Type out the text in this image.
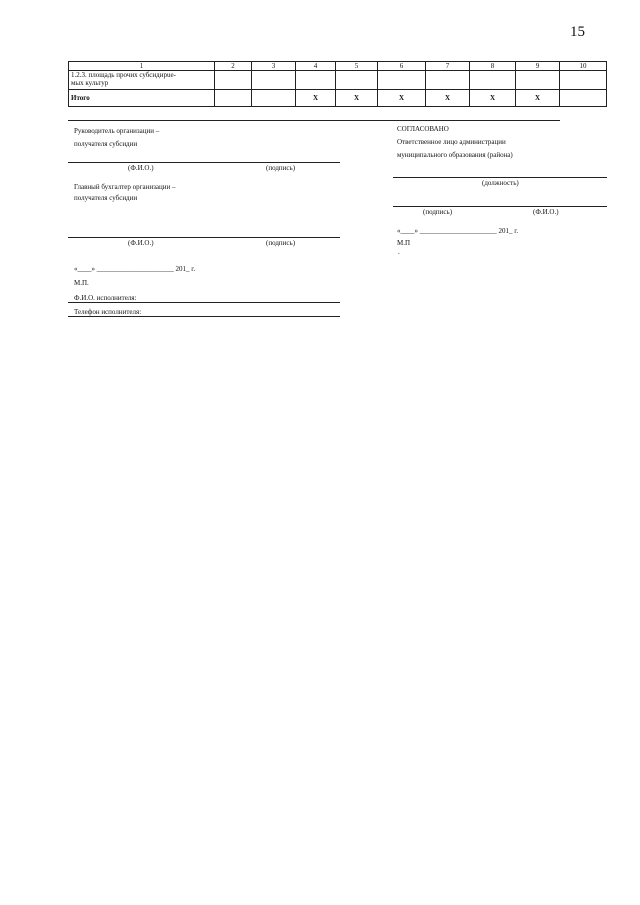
15
1	2	3	4	5	6	7	8	9	10

1.2.3. площадь прочих субсидирue-
мых культур									

Итого			X	X	X	X	X	X	
Руководитель организации –
получателя субсидии
(Ф.И.О.)	(подпись)
Главный бухгалтер организации –
получателя субсидии
(Ф.И.О.)	(подпись)
«____» ______________________ 201_ г.
М.П.
Ф.И.О. исполнителя:
Телефон исполнителя:
СОГЛАСОВАНО
Ответственное лицо администрации
муниципального образования (района)
(должность)
(подпись)	(Ф.И.О.)
«____» ______________________ 201_ г.
М.П
.
